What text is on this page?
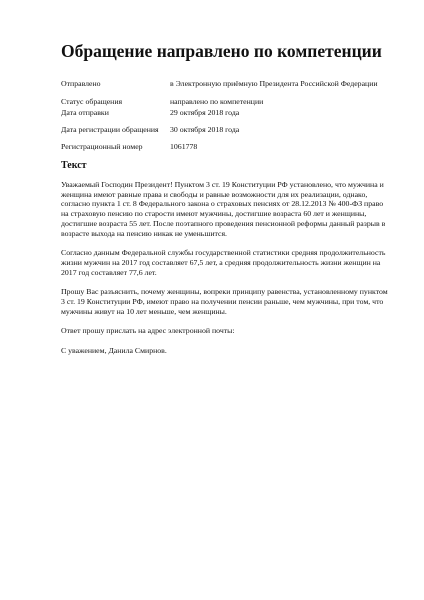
Обращение направлено по компетенции
Отправлено	в Электронную приёмную Президента Российской Федерации
Статус обращения	направлено по компетенции
Дата отправки	29 октября 2018 года
Дата регистрации обращения	30 октября 2018 года
Регистрационный номер	1061778
Текст

Уважаемый Господин Президент! Пунктом 3 ст. 19 Конституции РФ установлено, что мужчина и женщина имеют равные права и свободы и равные возможности для их реализации, однако, согласно пункта 1 ст. 8 Федерального закона о страховых пенсиях от 28.12.2013 № 400-ФЗ право на страховую пенсию по старости имеют мужчины, достигшие возраста 60 лет и женщины, достигшие возраста 55 лет. После поэтапного проведения пенсионной реформы данный разрыв в возрасте выхода на пенсию никак не уменьшится.

Согласно данным Федеральной службы государственной статистики средняя продолжительность жизни мужчин на 2017 год составляет 67,5 лет, а средняя продолжительность жизни женщин на 2017 год составляет 77,6 лет.

Прошу Вас разъяснить, почему женщины, вопреки принципу равенства, установленному пунктом 3 ст. 19 Конституции РФ, имеют право на получении пенсии раньше, чем мужчины, при том, что мужчины живут на 10 лет меньше, чем женщины.

Ответ прошу прислать на адрес электронной почты:

С уважением, Данила Смирнов.
